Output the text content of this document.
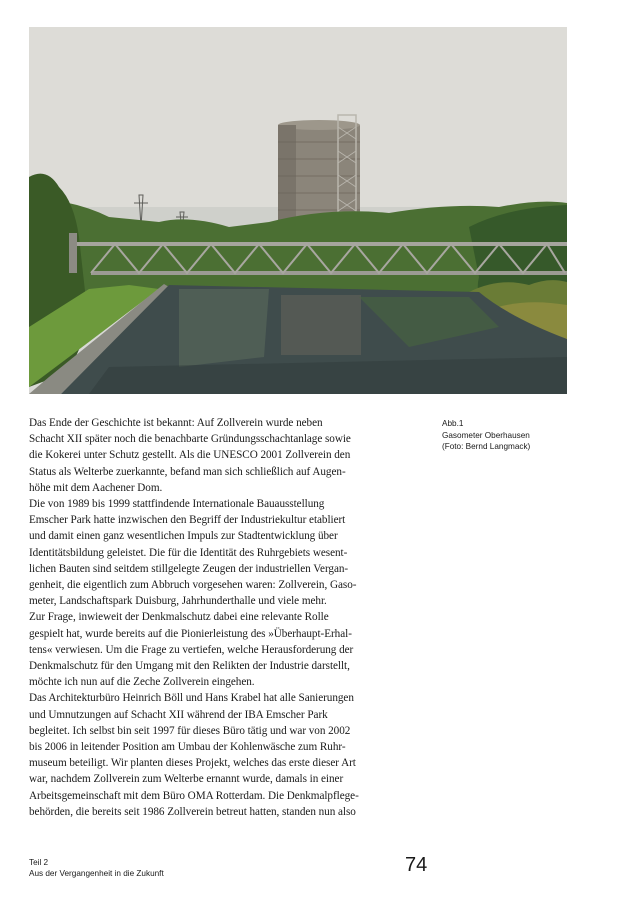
Das Ende der Geschichte ist bekannt: Auf Zollverein wurde neben
Schacht XII später noch die benachbarte Gründungsschachtanlage sowie
die Kokerei unter Schutz gestellt. Als die UNESCO 2001 Zollverein den
Status als Welterbe zuerkannte, befand man sich schließlich auf Augen-
höhe mit dem Aachener Dom.
Die von 1989 bis 1999 stattfindende Internationale Bauausstellung
Emscher Park hatte inzwischen den Begriff der Industriekultur etabliert
und damit einen ganz wesentlichen Impuls zur Stadtentwicklung über
Identitätsbildung geleistet. Die für die Identität des Ruhrgebiets wesent-
lichen Bauten sind seitdem stillgelegte Zeugen der industriellen Vergan-
genheit, die eigentlich zum Abbruch vorgesehen waren: Zollverein, Gaso-
meter, Landschaftspark Duisburg, Jahrhunderthalle und viele mehr.
Zur Frage, inwieweit der Denkmalschutz dabei eine relevante Rolle
gespielt hat, wurde bereits auf die Pionierleistung des »Überhaupt-Erhal-
tens« verwiesen. Um die Frage zu vertiefen, welche Herausforderung der
Denkmalschutz für den Umgang mit den Relikten der Industrie darstellt,
möchte ich nun auf die Zeche Zollverein eingehen.
Das Architekturbüro Heinrich Böll und Hans Krabel hat alle Sanierungen
und Umnutzungen auf Schacht XII während der IBA Emscher Park
begleitet. Ich selbst bin seit 1997 für dieses Büro tätig und war von 2002
bis 2006 in leitender Position am Umbau der Kohlenwäsche zum Ruhr-
museum beteiligt. Wir planten dieses Projekt, welches das erste dieser Art
war, nachdem Zollverein zum Welterbe ernannt wurde, damals in einer
Arbeitsgemeinschaft mit dem Büro OMA Rotterdam. Die Denkmalpflege-
behörden, die bereits seit 1986 Zollverein betreut hatten, standen nun also
Abb.1
Gasometer Oberhausen
(Foto: Bernd Langmack)
Teil 2
Aus der Vergangenheit in die Zukunft	74
